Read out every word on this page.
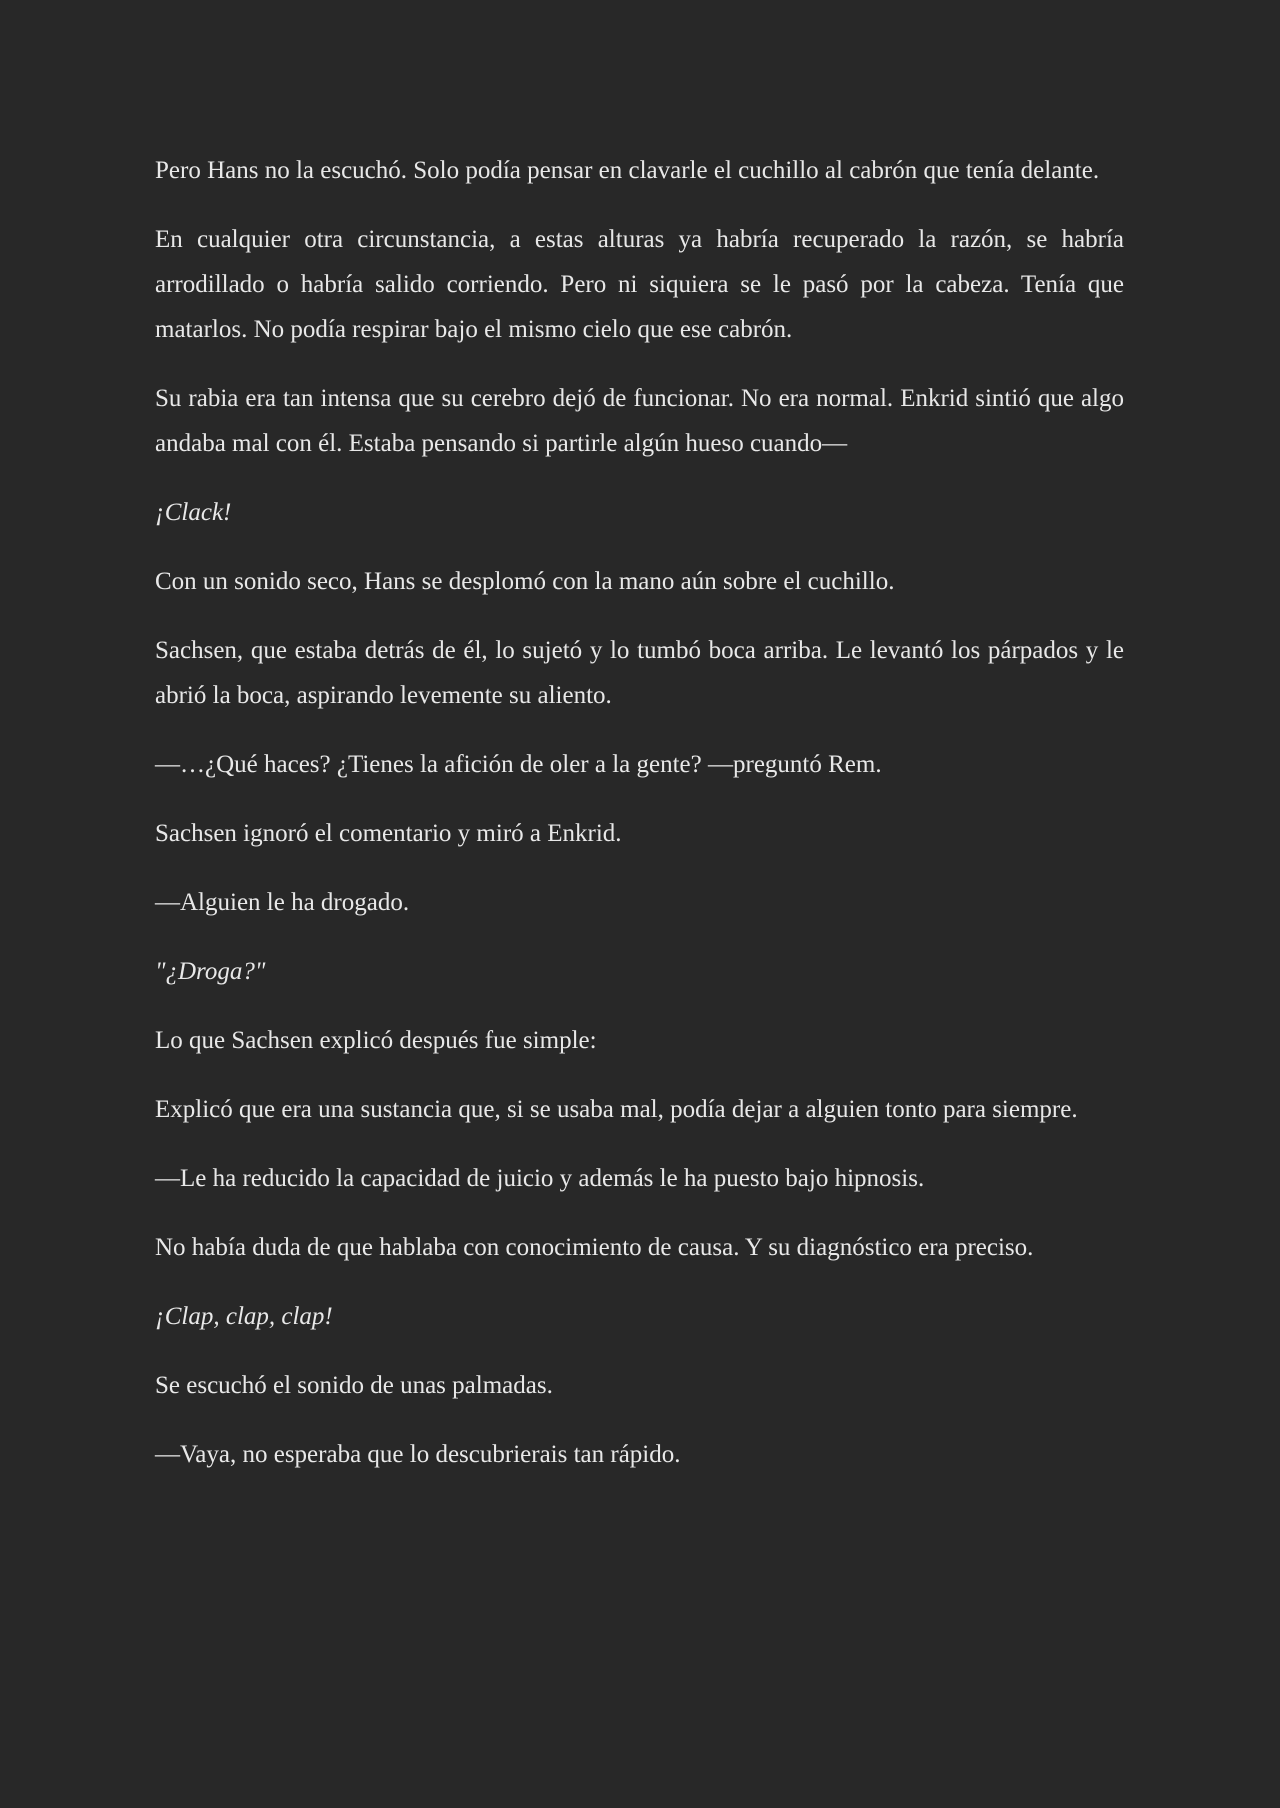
Pero Hans no la escuchó. Solo podía pensar en clavarle el cuchillo al cabrón que tenía delante.

En cualquier otra circunstancia, a estas alturas ya habría recuperado la razón, se habría arrodillado o habría salido corriendo. Pero ni siquiera se le pasó por la cabeza. Tenía que matarlos. No podía respirar bajo el mismo cielo que ese cabrón.

Su rabia era tan intensa que su cerebro dejó de funcionar. No era normal. Enkrid sintió que algo andaba mal con él. Estaba pensando si partirle algún hueso cuando—

¡Clack!

Con un sonido seco, Hans se desplomó con la mano aún sobre el cuchillo.

Sachsen, que estaba detrás de él, lo sujetó y lo tumbó boca arriba. Le levantó los párpados y le abrió la boca, aspirando levemente su aliento.

—…¿Qué haces? ¿Tienes la afición de oler a la gente? —preguntó Rem.

Sachsen ignoró el comentario y miró a Enkrid.

—Alguien le ha drogado.

"¿Droga?"

Lo que Sachsen explicó después fue simple:

Explicó que era una sustancia que, si se usaba mal, podía dejar a alguien tonto para siempre.

—Le ha reducido la capacidad de juicio y además le ha puesto bajo hipnosis.

No había duda de que hablaba con conocimiento de causa. Y su diagnóstico era preciso.

¡Clap, clap, clap!

Se escuchó el sonido de unas palmadas.

—Vaya, no esperaba que lo descubrierais tan rápido.
